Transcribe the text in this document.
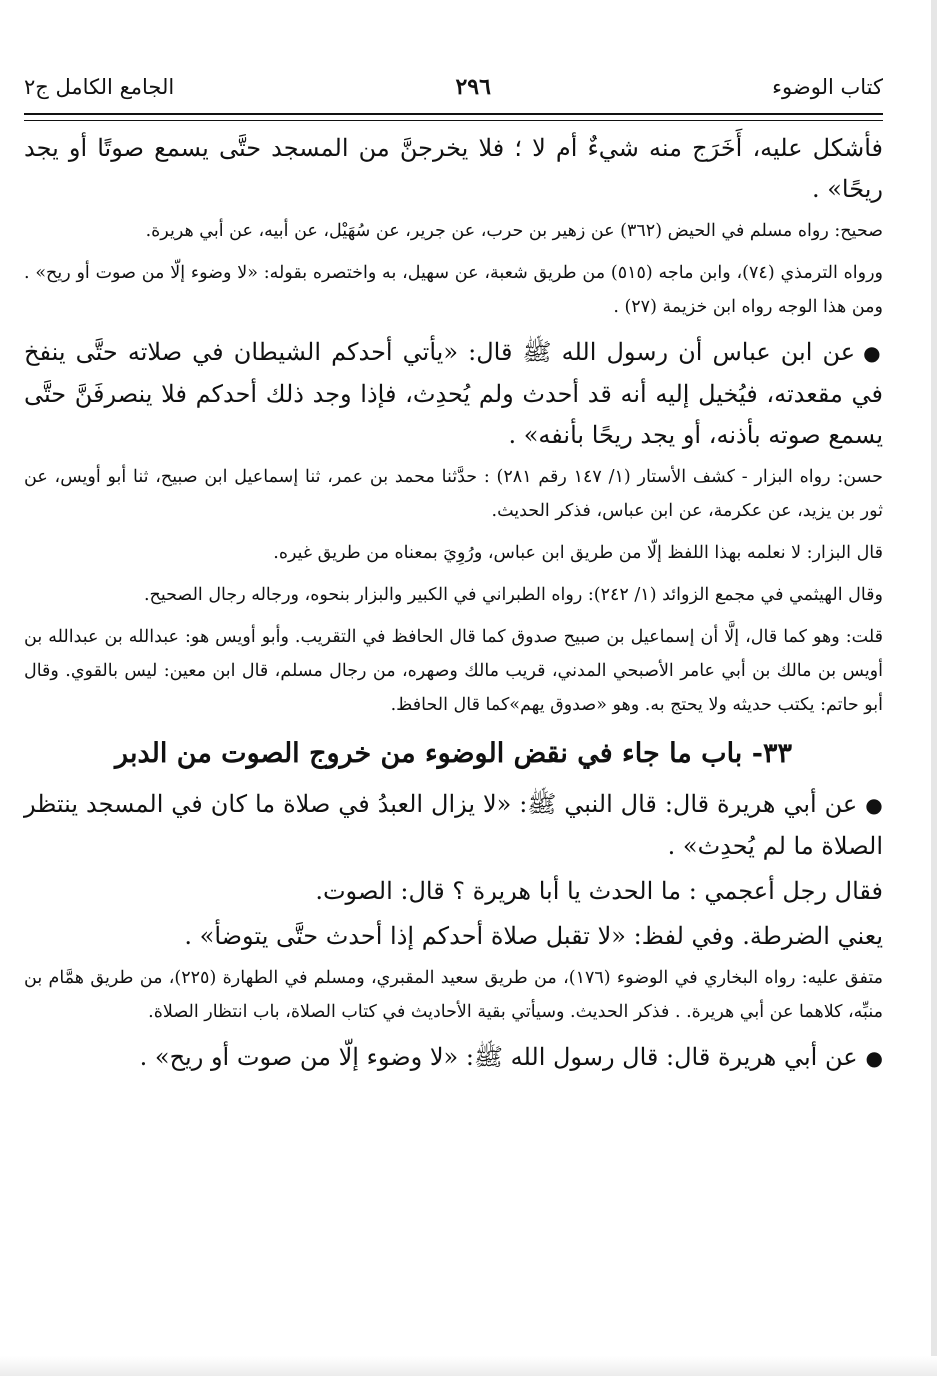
كتاب الوضوء
٢٩٦
الجامع الكامل ج٢

فأشكل عليه، أَخَرَج منه شيءٌ أم لا ؛ فلا يخرجنَّ من المسجد حتَّى يسمع صوتًا أو يجد ريحًا» .

صحيح: رواه مسلم في الحيض (٣٦٢) عن زهير بن حرب، عن جرير، عن سُهَيْل، عن أبيه، عن أبي هريرة.

ورواه الترمذي (٧٤)، وابن ماجه (٥١٥) من طريق شعبة، عن سهيل، به واختصره بقوله: «لا وضوء إلّا من صوت أو ريح» . ومن هذا الوجه رواه ابن خزيمة (٢٧) .

●عن ابن عباس أن رسول الله ﷺ قال: «يأتي أحدكم الشيطان في صلاته حتَّى ينفخ في مقعدته، فيُخيل إليه أنه قد أحدث ولم يُحدِث، فإذا وجد ذلك أحدكم فلا ينصرفَنَّ حتَّى يسمع صوته بأذنه، أو يجد ريحًا بأنفه» .

حسن: رواه البزار - كشف الأستار (١/ ١٤٧ رقم ٢٨١) : حدَّثنا محمد بن عمر، ثنا إسماعيل ابن صبيح، ثنا أبو أويس، عن ثور بن يزيد، عن عكرمة، عن ابن عباس، فذكر الحديث.

قال البزار: لا نعلمه بهذا اللفظ إلّا من طريق ابن عباس، ورُوِيَ بمعناه من طريق غيره.

وقال الهيثمي في مجمع الزوائد (١/ ٢٤٢): رواه الطبراني في الكبير والبزار بنحوه، ورجاله رجال الصحيح.

قلت: وهو كما قال، إلَّا أن إسماعيل بن صبيح صدوق كما قال الحافظ في التقريب. وأبو أويس هو: عبدالله بن عبدالله بن أويس بن مالك بن أبي عامر الأصبحي المدني، قريب مالك وصهره، من رجال مسلم، قال ابن معين: ليس بالقوي. وقال أبو حاتم: يكتب حديثه ولا يحتج به. وهو «صدوق يهم»كما قال الحافظ.

٣٣- باب ما جاء في نقض الوضوء من خروج الصوت من الدبر

●عن أبي هريرة قال: قال النبي ﷺ: «لا يزال العبدُ في صلاة ما كان في المسجد ينتظر الصلاة ما لم يُحدِث» .

فقال رجل أعجمي : ما الحدث يا أبا هريرة ؟ قال: الصوت.

يعني الضرطة. وفي لفظ: «لا تقبل صلاة أحدكم إذا أحدث حتَّى يتوضأ» .

متفق عليه: رواه البخاري في الوضوء (١٧٦)، من طريق سعيد المقبري، ومسلم في الطهارة (٢٢٥)، من طريق همَّام بن منبِّه، كلاهما عن أبي هريرة. . فذكر الحديث. وسيأتي بقية الأحاديث في كتاب الصلاة، باب انتظار الصلاة.

●عن أبي هريرة قال: قال رسول الله ﷺ: «لا وضوء إلّا من صوت أو ريح» .
